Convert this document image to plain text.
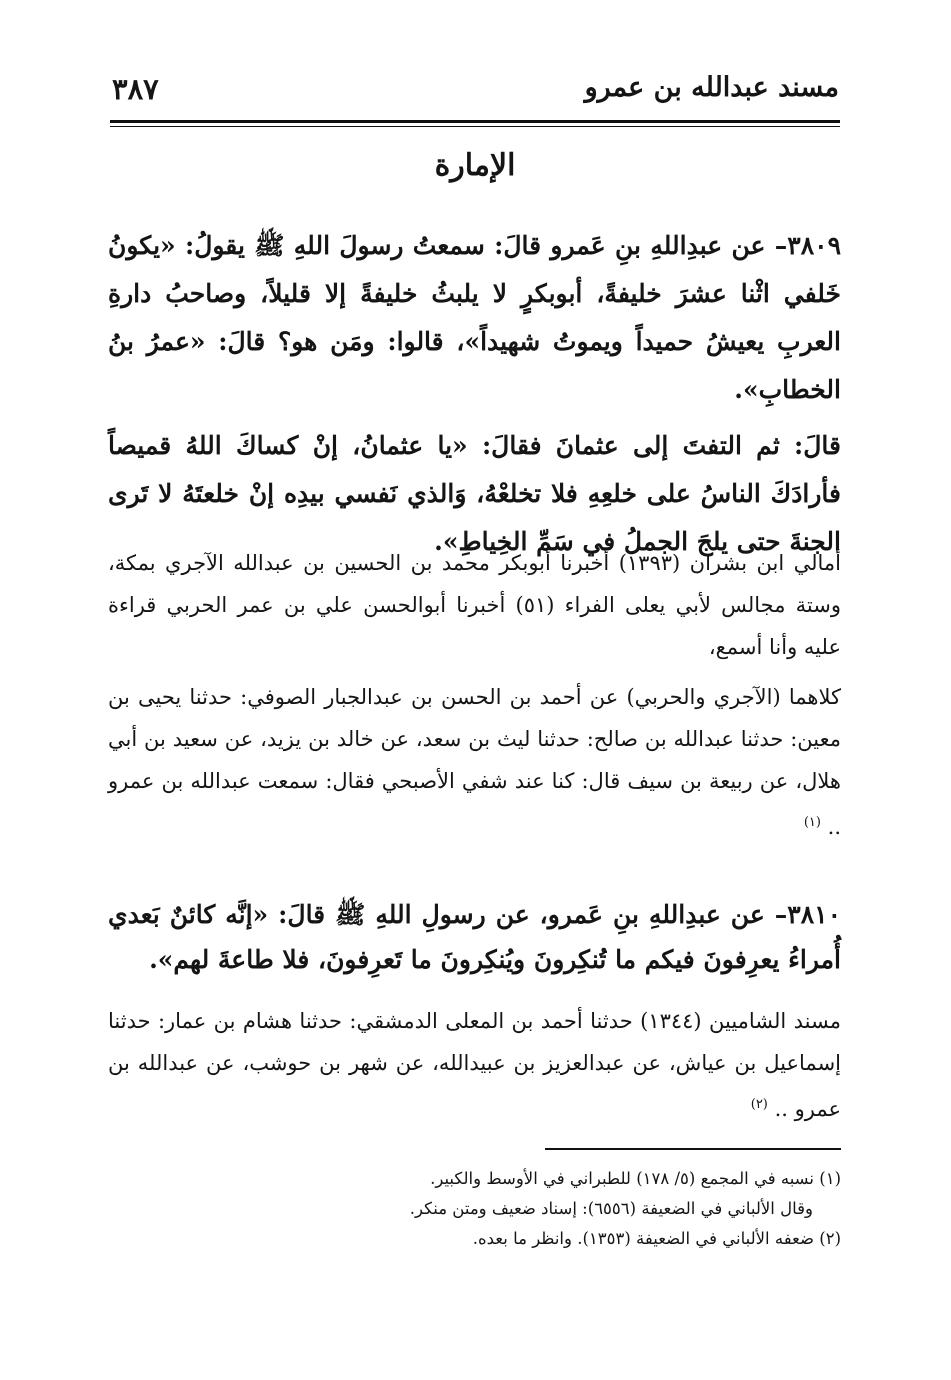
مسند عبدالله بن عمرو
٣٨٧
الإمارة

٣٨٠٩– عن عبدِاللهِ بنِ عَمرو قالَ: سمعتُ رسولَ اللهِ ﷺ يقولُ: «يكونُ خَلفي اثْنا عشرَ خليفةً، أبوبكرٍ لا يلبثُ خليفةً إلا قليلاً، وصاحبُ دارةِ العربِ يعيشُ حميداً ويموتُ شهيداً»، قالوا: ومَن هو؟ قالَ: «عمرُ بنُ الخطابِ».

قالَ: ثم التفتَ إلى عثمانَ فقالَ: «يا عثمانُ، إنْ كساكَ اللهُ قميصاً فأرادَكَ الناسُ على خلعِهِ فلا تخلعْهُ، وَالذي نَفسي بيدِه إنْ خلعتَهُ لا تَرى الجنةَ حتى يلجَ الجملُ في سَمِّ الخِياطِ».

أمالي ابن بشران (١٣٩٣) أخبرنا أبوبكر محمد بن الحسين بن عبدالله الآجري بمكة، وستة مجالس لأبي يعلى الفراء (٥١) أخبرنا أبوالحسن علي بن عمر الحربي قراءة عليه وأنا أسمع،

كلاهما (الآجري والحربي) عن أحمد بن الحسن بن عبدالجبار الصوفي: حدثنا يحيى بن معين: حدثنا عبدالله بن صالح: حدثنا ليث بن سعد، عن خالد بن يزيد، عن سعيد بن أبي هلال، عن ربيعة بن سيف قال: كنا عند شفي الأصبحي فقال: سمعت عبدالله بن عمرو .. $^{(١)}$

٣٨١٠– عن عبدِاللهِ بنِ عَمرو، عن رسولِ اللهِ ﷺ قالَ: «إنَّه كائنٌ بَعدي أُمراءُ يعرِفونَ فيكم ما تُنكِرونَ ويُنكِرونَ ما تَعرِفونَ، فلا طاعةَ لهم».

مسند الشاميين (١٣٤٤) حدثنا أحمد بن المعلى الدمشقي: حدثنا هشام بن عمار: حدثنا إسماعيل بن عياش، عن عبدالعزيز بن عبيدالله، عن شهر بن حوشب، عن عبدالله بن عمرو .. $^{(٢)}$

(١) نسبه في المجمع (٥/ ١٧٨) للطبراني في الأوسط والكبير.

وقال الألباني في الضعيفة (٦٥٥٦): إسناد ضعيف ومتن منكر.

(٢) ضعفه الألباني في الضعيفة (١٣٥٣). وانظر ما بعده.
